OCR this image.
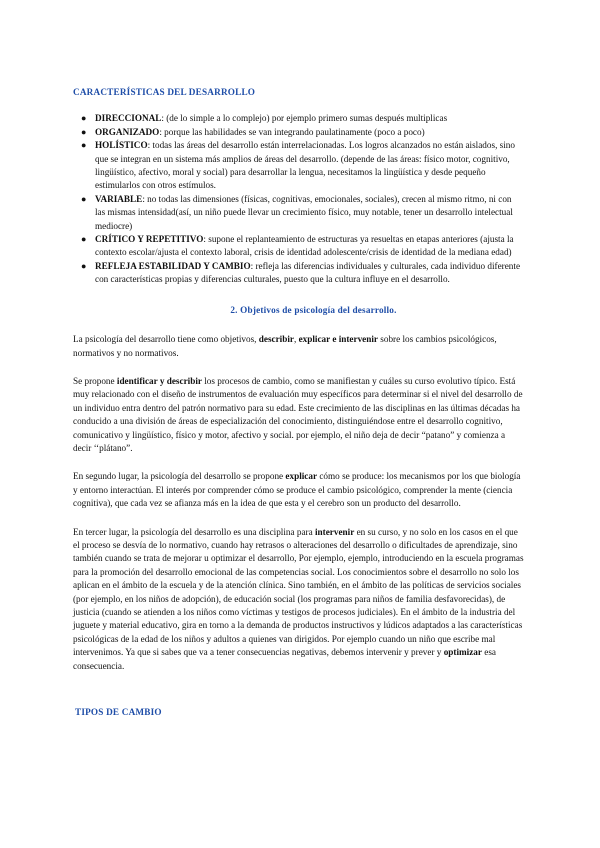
CARACTERÍSTICAS DEL DESARROLLO
● DIRECCIONAL: (de lo simple a lo complejo) por ejemplo primero sumas después multiplicas
● ORGANIZADO: porque las habilidades se van integrando paulatinamente (poco a poco)
● HOLÍSTICO: todas las áreas del desarrollo están interrelacionadas. Los logros alcanzados no están aislados, sino que se integran en un sistema más amplios de áreas del desarrollo. (depende de las áreas: físico motor, cognitivo, lingüístico, afectivo, moral y social) para desarrollar la lengua, necesitamos la lingüística y desde pequeño estimularlos con otros estímulos.
● VARIABLE: no todas las dimensiones (físicas, cognitivas, emocionales, sociales), crecen al mismo ritmo, ni con las mismas intensidad(así, un niño puede llevar un crecimiento físico, muy notable, tener un desarrollo intelectual mediocre)
● CRÍTICO Y REPETITIVO: supone el replanteamiento de estructuras ya resueltas en etapas anteriores (ajusta la contexto escolar/ajusta el contexto laboral, crisis de identidad adolescente/crisis de identidad de la mediana edad)
● REFLEJA ESTABILIDAD Y CAMBIO: refleja las diferencias individuales y culturales, cada individuo diferente con características propias y diferencias culturales, puesto que la cultura influye en el desarrollo.
2. Objetivos de psicología del desarrollo.

La psicología del desarrollo tiene como objetivos, describir, explicar e intervenir sobre los cambios psicológicos, normativos y no normativos.

Se propone identificar y describir los procesos de cambio, como se manifiestan y cuáles su curso evolutivo típico. Está muy relacionado con el diseño de instrumentos de evaluación muy específicos para determinar si el nivel del desarrollo de un individuo entra dentro del patrón normativo para su edad. Este crecimiento de las disciplinas en las últimas décadas ha conducido a una división de áreas de especialización del conocimiento, distinguiéndose entre el desarrollo cognitivo, comunicativo y lingüístico, físico y motor, afectivo y social. por ejemplo, el niño deja de decir “patano” y comienza a decir ‘‘plátano”.

En segundo lugar, la psicología del desarrollo se propone explicar cómo se produce: los mecanismos por los que biología y entorno interactúan. El interés por comprender cómo se produce el cambio psicológico, comprender la mente (ciencia cognitiva), que cada vez se afianza más en la idea de que esta y el cerebro son un producto del desarrollo.

En tercer lugar, la psicología del desarrollo es una disciplina para intervenir en su curso, y no solo en los casos en el que el proceso se desvía de lo normativo, cuando hay retrasos o alteraciones del desarrollo o dificultades de aprendizaje, sino también cuando se trata de mejorar u optimizar el desarrollo, Por ejemplo, ejemplo, introduciendo en la escuela programas para la promoción del desarrollo emocional de las competencias social. Los conocimientos sobre el desarrollo no solo los aplican en el ámbito de la escuela y de la atención clínica. Sino también, en el ámbito de las políticas de servicios sociales (por ejemplo, en los niños de adopción), de educación social (los programas para niños de familia desfavorecidas), de justicia (cuando se atienden a los niños como víctimas y testigos de procesos judiciales). En el ámbito de la industria del juguete y material educativo, gira en torno a la demanda de productos instructivos y lúdicos adaptados a las características psicológicas de la edad de los niños y adultos a quienes van dirigidos. Por ejemplo cuando un niño que escribe mal intervenimos. Ya que si sabes que va a tener consecuencias negativas, debemos intervenir y prever y optimizar esa consecuencia.

TIPOS DE CAMBIO
